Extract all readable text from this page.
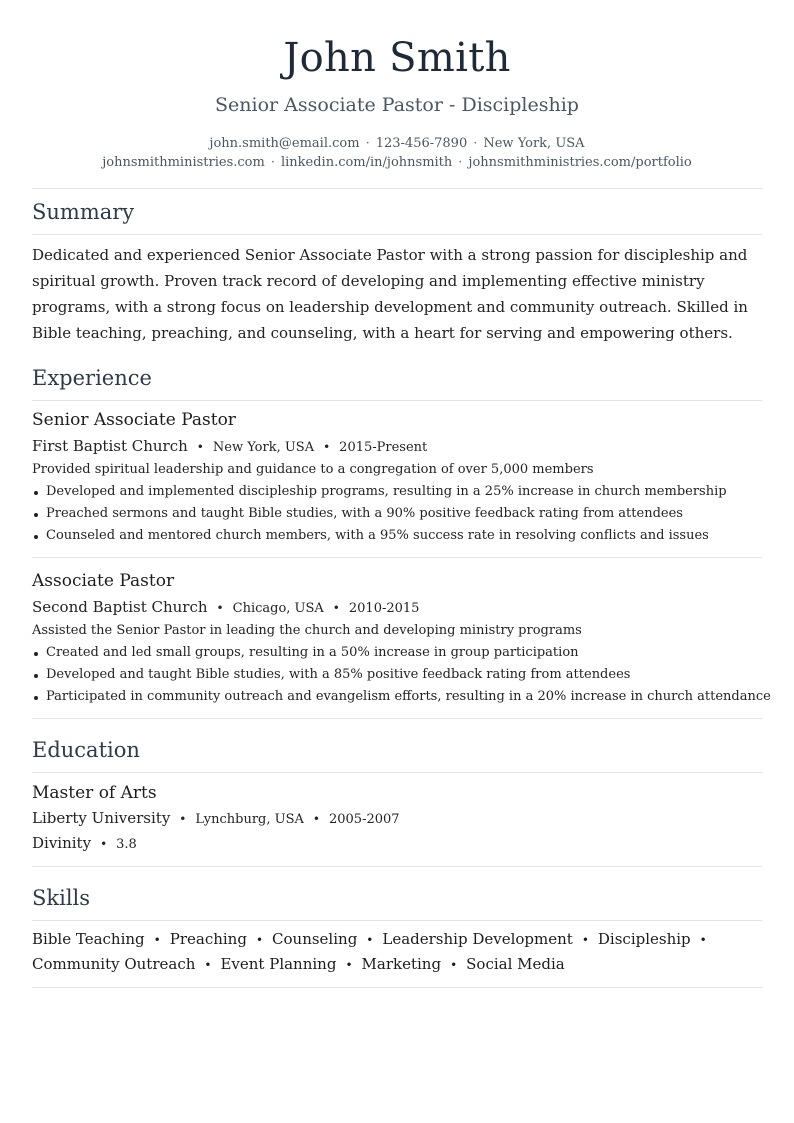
John Smith
Senior Associate Pastor - Discipleship
john.smith@email.com · 123-456-7890 · New York, USA
johnsmithministries.com · linkedin.com/in/johnsmith · johnsmithministries.com/portfolio
Summary
Dedicated and experienced Senior Associate Pastor with a strong passion for discipleship and spiritual growth. Proven track record of developing and implementing effective ministry programs, with a strong focus on leadership development and community outreach. Skilled in Bible teaching, preaching, and counseling, with a heart for serving and empowering others.
Experience
Senior Associate Pastor
First Baptist Church • New York, USA • 2015-Present
Provided spiritual leadership and guidance to a congregation of over 5,000 members
Developed and implemented discipleship programs, resulting in a 25% increase in church membership
Preached sermons and taught Bible studies, with a 90% positive feedback rating from attendees
Counseled and mentored church members, with a 95% success rate in resolving conflicts and issues
Associate Pastor
Second Baptist Church • Chicago, USA • 2010-2015
Assisted the Senior Pastor in leading the church and developing ministry programs
Created and led small groups, resulting in a 50% increase in group participation
Developed and taught Bible studies, with a 85% positive feedback rating from attendees
Participated in community outreach and evangelism efforts, resulting in a 20% increase in church attendance
Education
Master of Arts
Liberty University • Lynchburg, USA • 2005-2007
Divinity • 3.8
Skills
Bible Teaching • Preaching • Counseling • Leadership Development • Discipleship •
Community Outreach • Event Planning • Marketing • Social Media
